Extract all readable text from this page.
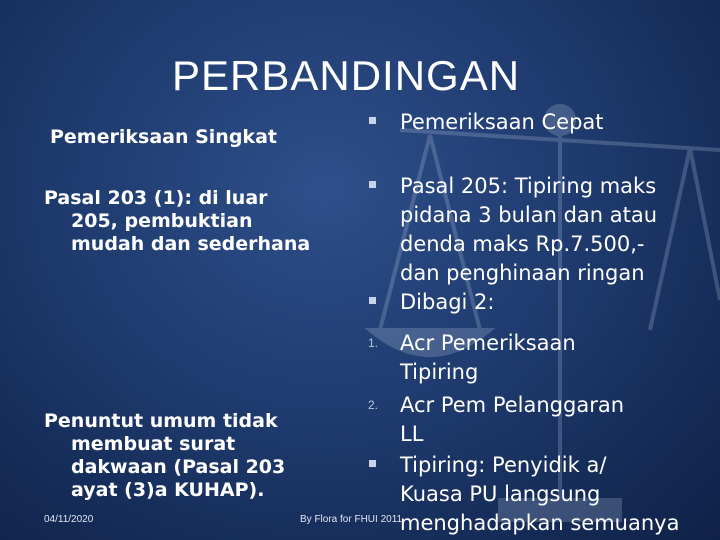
PERBANDINGAN
Pemeriksaan Singkat
Pasal 203 (1): di luar
205, pembuktian
mudah dan sederhana
Penuntut umum tidak
membuat surat
dakwaan (Pasal 203
ayat (3)a KUHAP).
Pemeriksaan Cepat
Pasal 205: Tipiring maks
pidana 3 bulan dan atau
denda maks Rp.7.500,-
dan penghinaan ringan
Dibagi 2:
1.	Acr Pemeriksaan
Tipiring
2.	Acr Pem Pelanggaran
LL
Tipiring: Penyidik a/
Kuasa PU langsung
menghadapkan semuanya
04/11/2020	By Flora for FHUI 2011
